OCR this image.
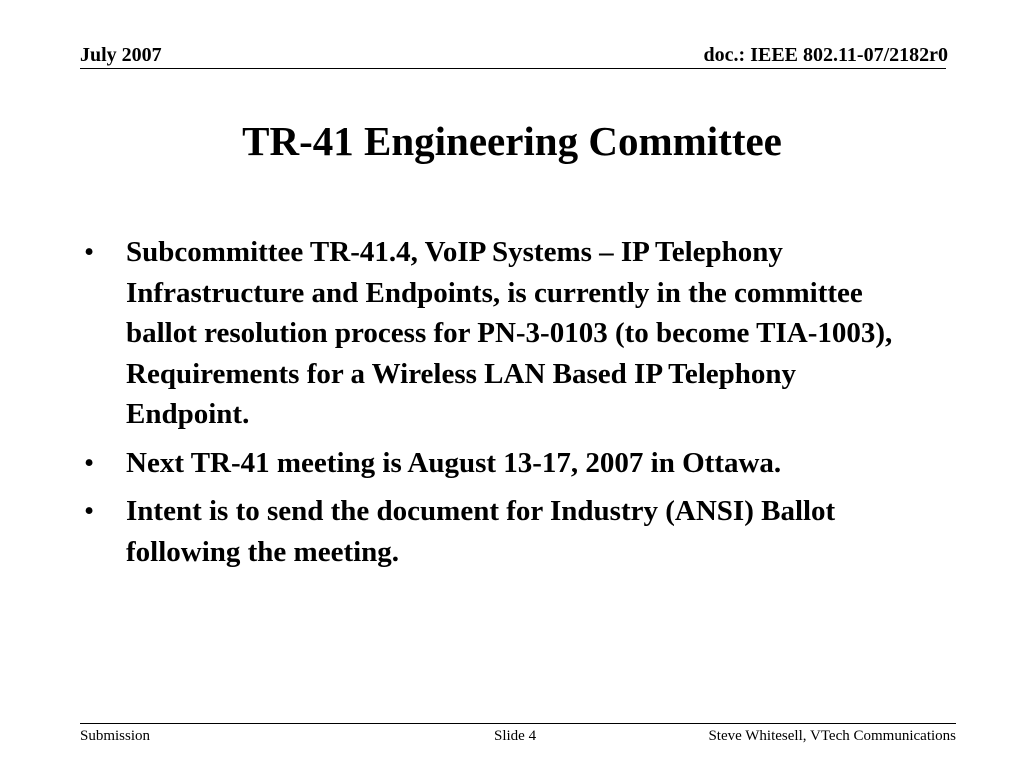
July 2007	doc.: IEEE 802.11-07/2182r0
TR-41 Engineering Committee
• Subcommittee TR-41.4, VoIP Systems – IP Telephony Infrastructure and Endpoints, is currently in the committee ballot resolution process for PN-3-0103 (to become TIA-1003), Requirements for a Wireless LAN Based IP Telephony Endpoint.
• Next TR-41 meeting is August 13-17, 2007 in Ottawa.
• Intent is to send the document for Industry (ANSI) Ballot following the meeting.
Submission	Slide 4	Steve Whitesell, VTech Communications
